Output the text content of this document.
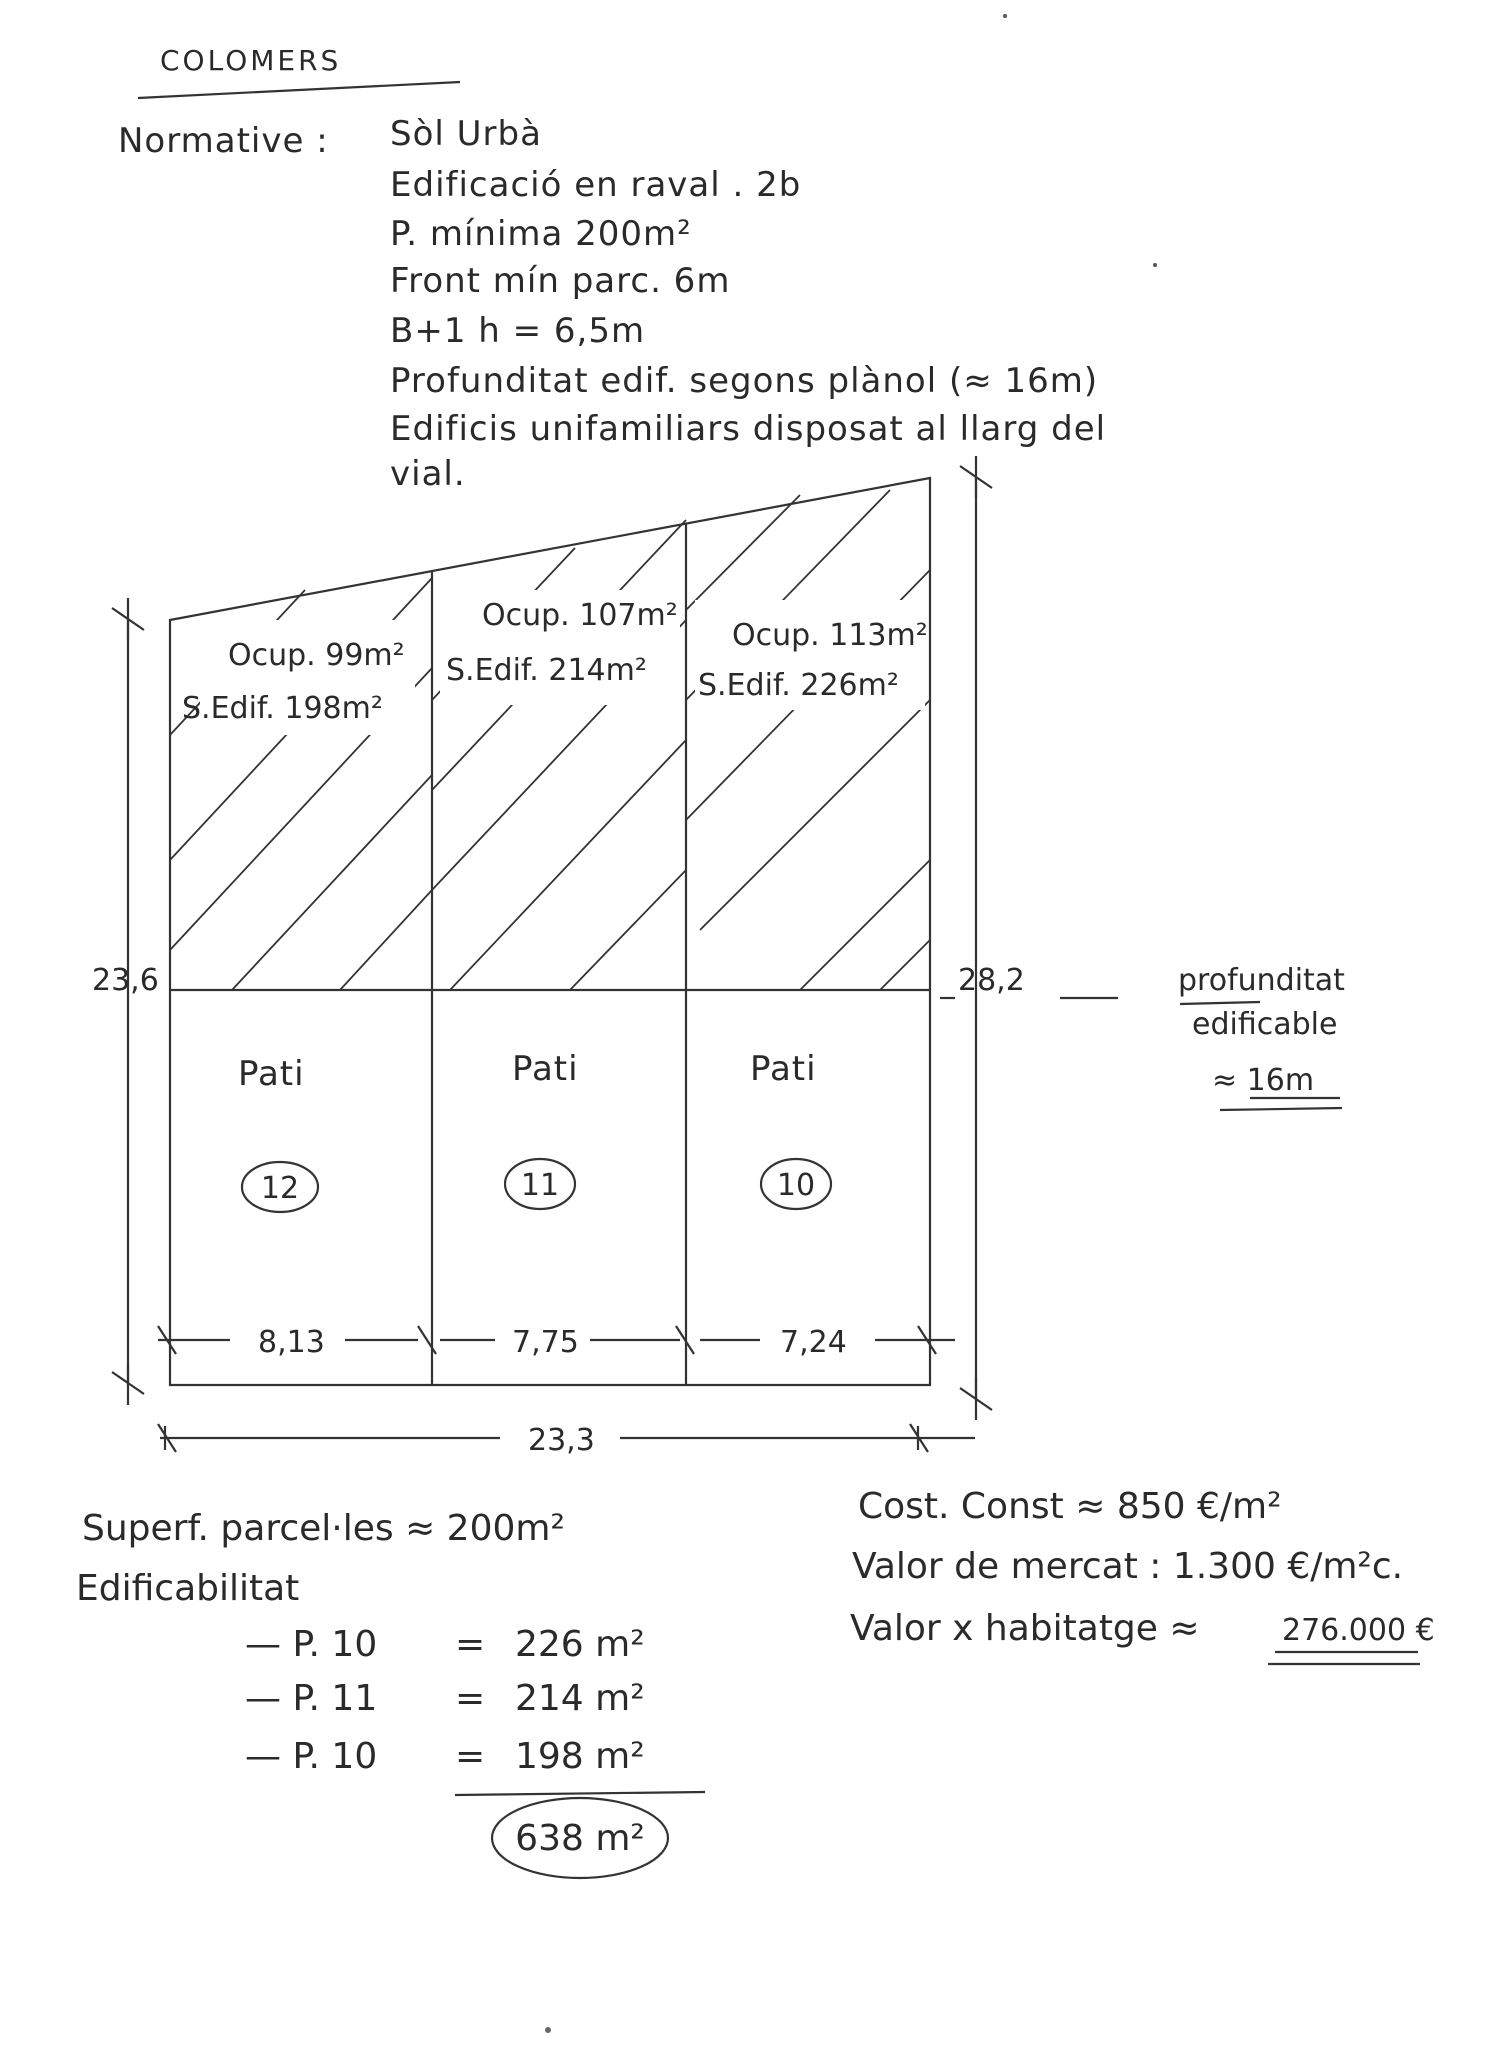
COLOMERS
Normative : Sòl Urbà
Edificació en raval . 2b
P. mínima 200m²
Front mín parc. 6m
B+1 h = 6,5m
Profunditat edif. segons plànol (≈ 16m)
Edificis unifamiliars disposat al llarg del
vial.
Ocup. 99m²
S.Edif. 198m²
Pati
12
Ocup. 107m²
S.Edif. 214m²
Pati
11
Ocup. 113m²
S.Edif. 226m²
Pati
10
23,6	28,2
8,13	7,75	7,24
23,3
profunditat
edificable
≈ 16m
Superf. parcel·les ≈ 200m²
Edificabilitat
— P. 10 = 226 m²
— P. 11 = 214 m²
— P. 10 = 198 m²
638 m²
Cost. Const ≈ 850 €/m²
Valor de mercat : 1.300 €/m²c.
Valor x habitatge ≈	276.000 €
